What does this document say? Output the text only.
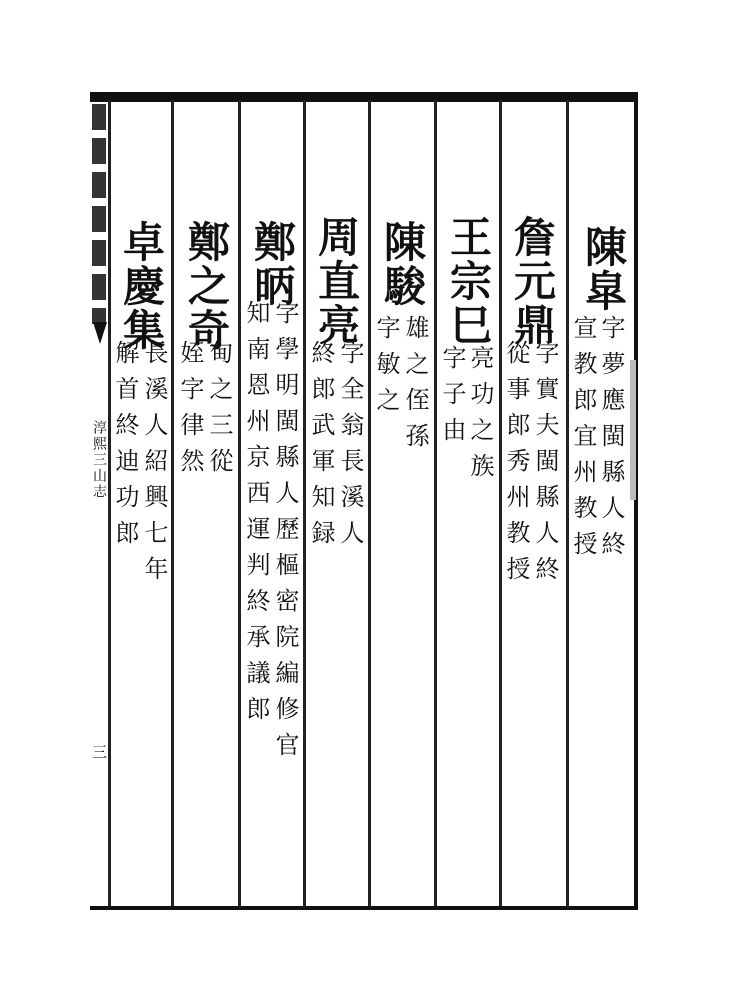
淳熙三山志
三
陳皐
字夢應閩縣人終
宣教郎宜州教授
詹元鼎
字實夫閩縣人終
從事郎秀州教授
王宗巳
亮功之族
字子由
陳駿
雄之侄孫
字敏之
周直亮
字全翁長溪人
終郎武軍知録
鄭昞
字學明閩縣人歷樞密院編修官
知南恩州京西運判終承議郎
鄭之奇
甸之三從
姪字律然
卓慶集
長溪人紹興七年
解首終迪功郎
